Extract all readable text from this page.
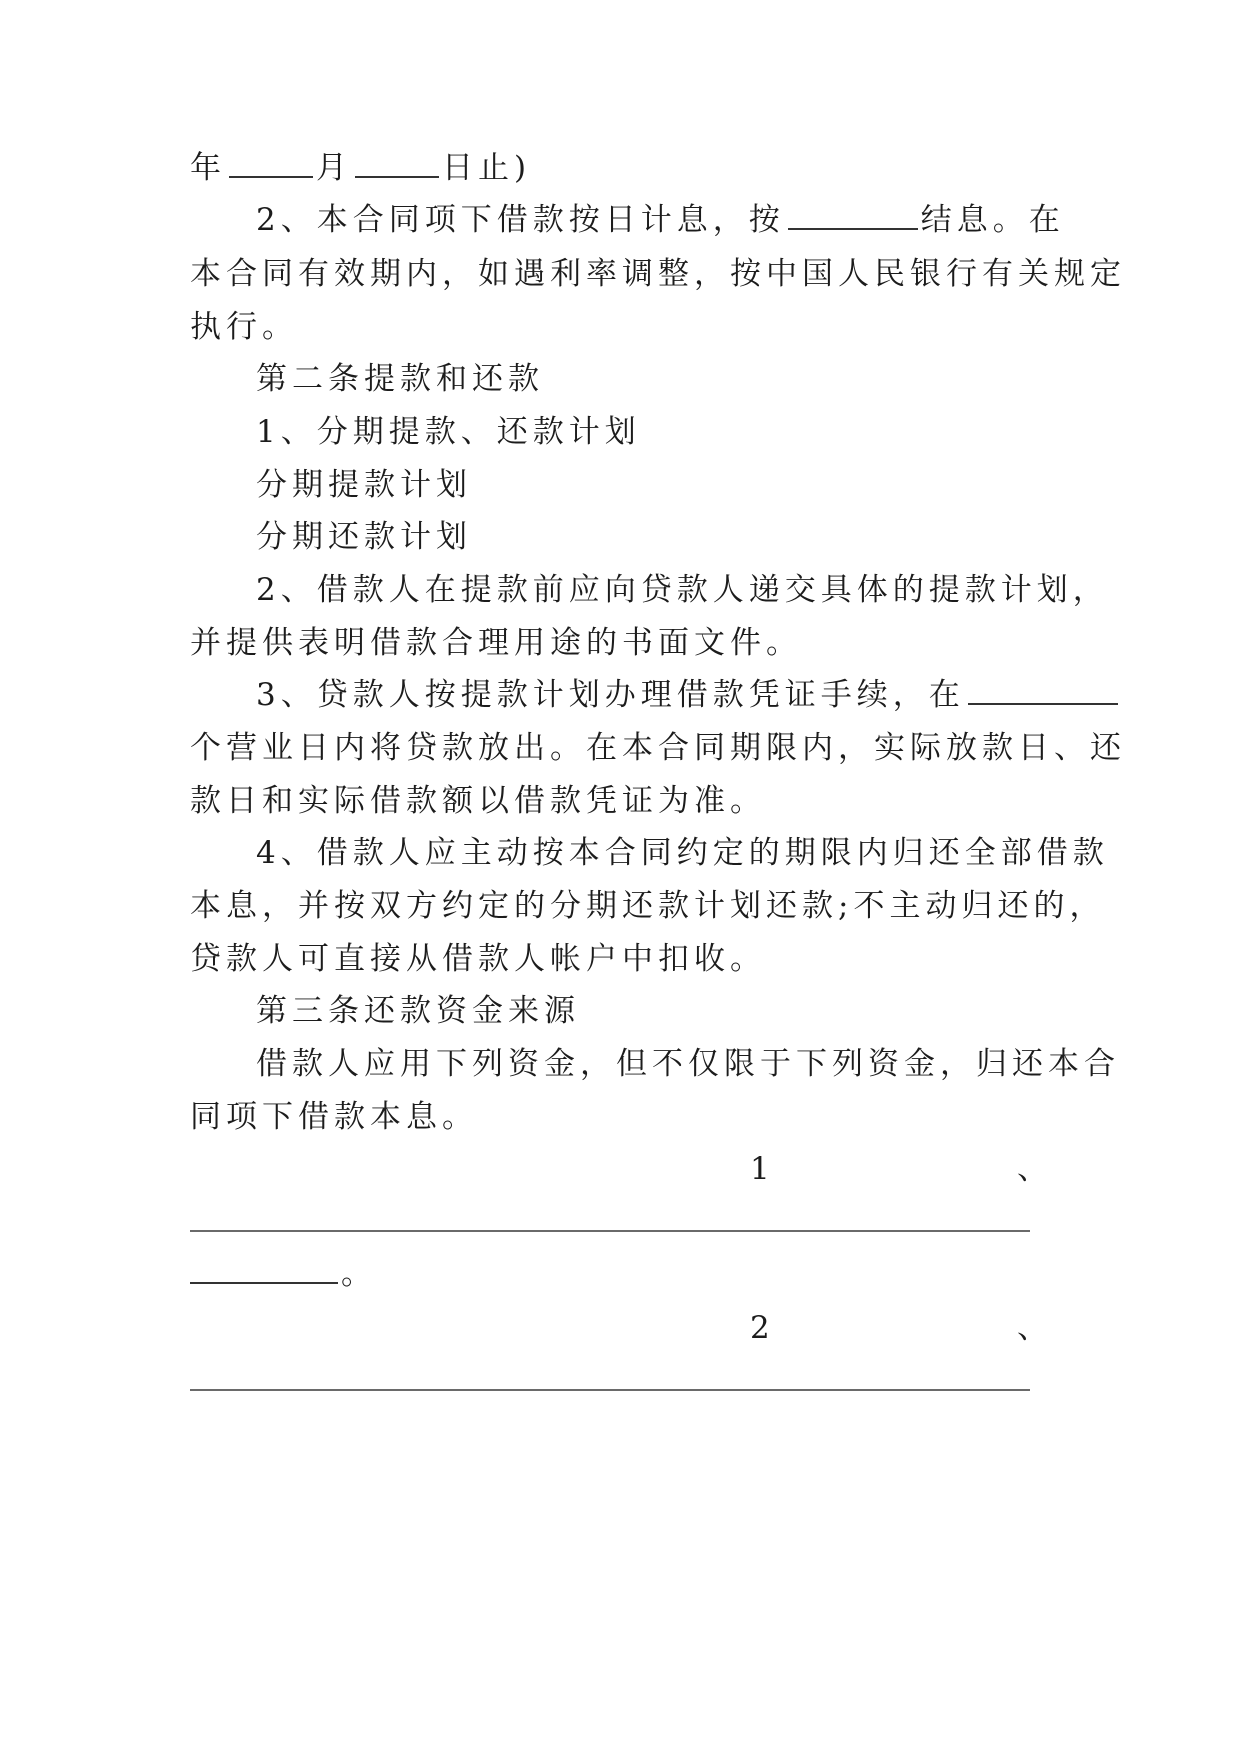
年	月	日止)
2、本合同项下借款按日计息，按	结息。在
本合同有效期内，如遇利率调整，按中国人民银行有关规定
执行。
第二条提款和还款
1、分期提款、还款计划
分期提款计划
分期还款计划
2、借款人在提款前应向贷款人递交具体的提款计划，
并提供表明借款合理用途的书面文件。
3、贷款人按提款计划办理借款凭证手续，在
个营业日内将贷款放出。在本合同期限内，实际放款日、还
款日和实际借款额以借款凭证为准。
4、借款人应主动按本合同约定的期限内归还全部借款
本息，并按双方约定的分期还款计划还款;不主动归还的，
贷款人可直接从借款人帐户中扣收。
第三条还款资金来源
借款人应用下列资金，但不仅限于下列资金，归还本合
同项下借款本息。
1	、
。
2	、
